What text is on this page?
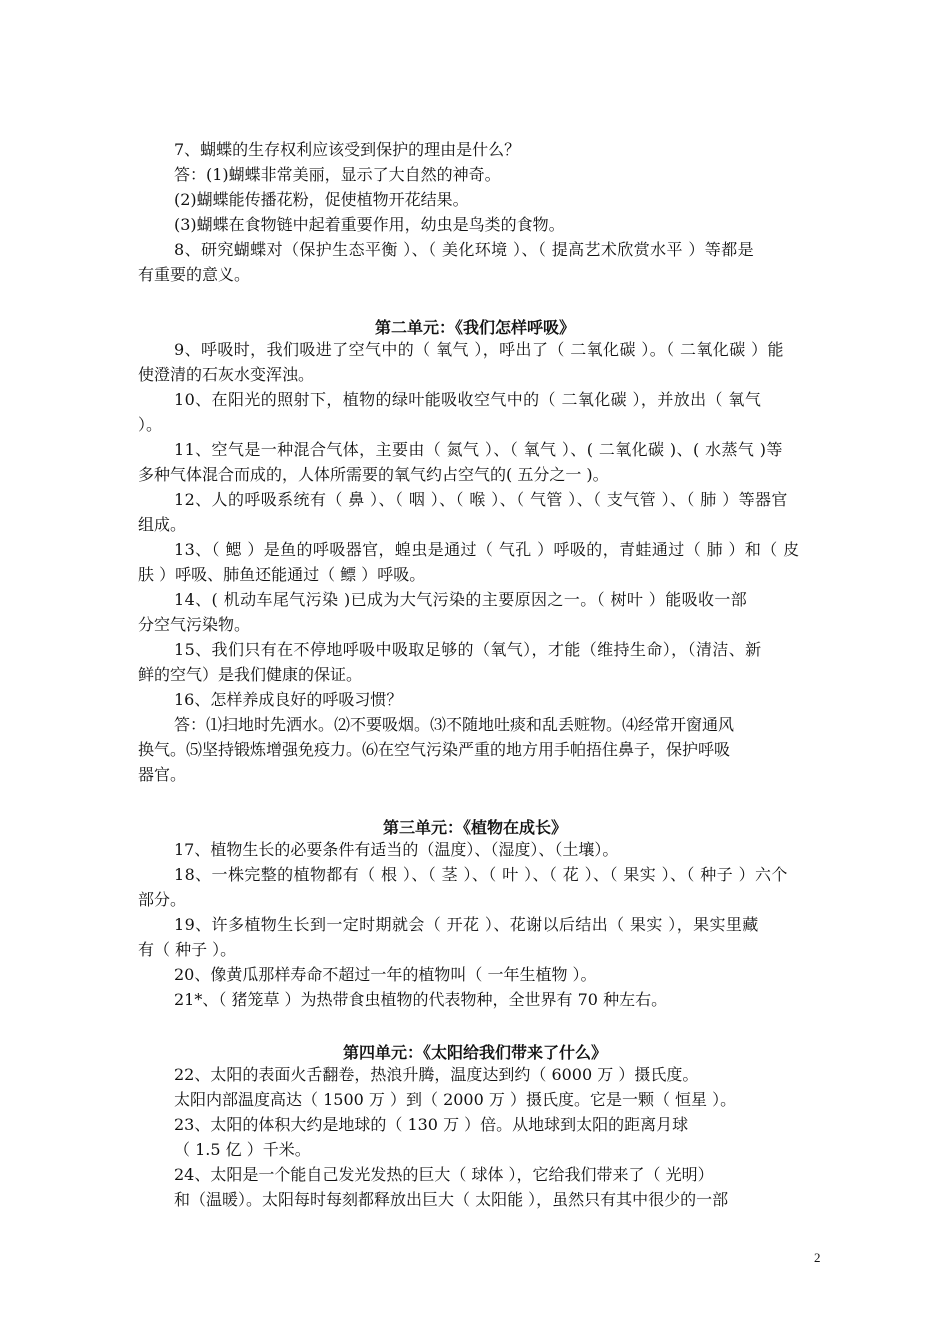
7、蝴蝶的生存权利应该受到保护的理由是什么？
答：(1)蝴蝶非常美丽，显示了大自然的神奇。
(2)蝴蝶能传播花粉，促使植物开花结果。
(3)蝴蝶在食物链中起着重要作用，幼虫是鸟类的食物。
8、研究蝴蝶对（保护生态平衡 ）、（ 美化环境 ）、（ 提高艺术欣赏水平 ）等都是
有重要的意义。
第二单元：《我们怎样呼吸》
9、呼吸时，我们吸进了空气中的（ 氧气 ），呼出了（ 二氧化碳 ）。（ 二氧化碳 ）能
使澄清的石灰水变浑浊。
10、在阳光的照射下，植物的绿叶能吸收空气中的（ 二氧化碳 ），并放出（ 氧气
）。
11、空气是一种混合气体，主要由（ 氮气 ）、（ 氧气 ）、( 二氧化碳 )、( 水蒸气 )等
多种气体混合而成的，人体所需要的氧气约占空气的( 五分之一 )。
12、人的呼吸系统有（ 鼻 ）、（ 咽 ）、（ 喉 ）、（ 气管 ）、（ 支气管 ）、（ 肺 ）等器官
组成。
13、（ 鳃 ）是鱼的呼吸器官，蝗虫是通过（ 气孔 ）呼吸的，青蛙通过（ 肺 ）和（ 皮
肤 ）呼吸、肺鱼还能通过（ 鳔 ）呼吸。
14、( 机动车尾气污染 )已成为大气污染的主要原因之一。（ 树叶 ）能吸收一部
分空气污染物。
15、我们只有在不停地呼吸中吸取足够的（氧气），才能（维持生命），（清洁、新
鲜的空气）是我们健康的保证。
16、怎样养成良好的呼吸习惯？
答：⑴扫地时先洒水。⑵不要吸烟。⑶不随地吐痰和乱丢赃物。⑷经常开窗通风
换气。⑸坚持锻炼增强免疫力。⑹在空气污染严重的地方用手帕捂住鼻子，保护呼吸
器官。
第三单元：《植物在成长》
17、植物生长的必要条件有适当的（温度）、（湿度）、（土壤）。
18、一株完整的植物都有（ 根 ）、（ 茎 ）、（ 叶 ）、（ 花 ）、（ 果实 ）、（ 种子 ）六个
部分。
19、许多植物生长到一定时期就会（ 开花 ）、花谢以后结出（ 果实 ），果实里藏
有（ 种子 ）。
20、像黄瓜那样寿命不超过一年的植物叫（ 一年生植物 ）。
21*、（ 猪笼草 ）为热带食虫植物的代表物种，全世界有 70 种左右。
第四单元：《太阳给我们带来了什么》
22、太阳的表面火舌翻卷，热浪升腾，温度达到约（ 6000 万 ）摄氏度。
太阳内部温度高达（ 1500 万 ）到（ 2000 万 ）摄氏度。它是一颗（ 恒星 ）。
23、太阳的体积大约是地球的（ 130 万 ）倍。从地球到太阳的距离月球
（ 1.5 亿 ）千米。
24、太阳是一个能自己发光发热的巨大（ 球体 ），它给我们带来了（ 光明）
和（温暖）。太阳每时每刻都释放出巨大（ 太阳能 ），虽然只有其中很少的一部
2
